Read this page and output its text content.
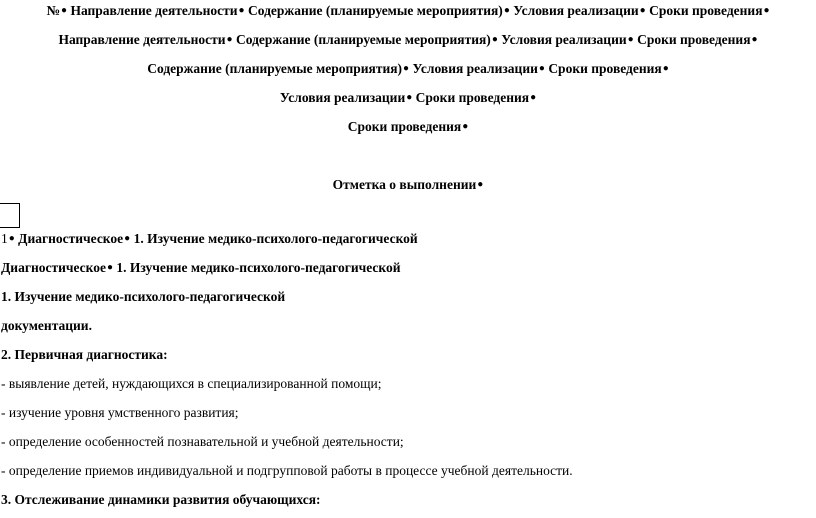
№● Направление деятельности● Содержание (планируемые мероприятия)● Условия реализации● Сроки проведения●
Направление деятельности● Содержание (планируемые мероприятия)● Условия реализации● Сроки проведения●
Содержание (планируемые мероприятия)● Условия реализации● Сроки проведения●
Условия реализации● Сроки проведения●
Сроки проведения●
Отметка о выполнении●
1● Диагностическое● 1. Изучение медико-психолого-педагогической
Диагностическое● 1. Изучение медико-психолого-педагогической
1. Изучение медико-психолого-педагогической
документации.
2. Первичная диагностика:
- выявление детей, нуждающихся в специализированной помощи;
- изучение уровня умственного развития;
- определение особенностей познавательной и учебной деятельности;
- определение приемов индивидуальной и подгрупповой работы в процессе учебной деятельности.
3. Отслеживание динамики развития обучающихся:
